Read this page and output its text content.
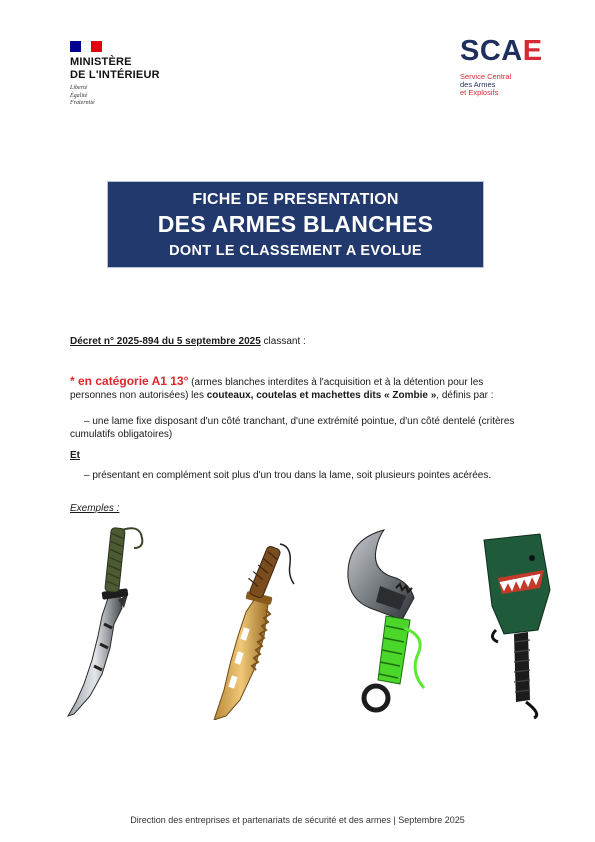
MINISTÈRE
DE L'INTÉRIEUR
Liberté
Égalité
Fraternité
SCAE
Service Central
des Armes
et Explosifs
FICHE DE PRESENTATION
DES ARMES BLANCHES
DONT LE CLASSEMENT A EVOLUE
Décret n° 2025-894 du 5 septembre 2025 classant :
* en catégorie A1 13° (armes blanches interdites à l'acquisition et à la détention pour les personnes non autorisées) les couteaux, coutelas et machettes dits « Zombie », définis par :
– une lame fixe disposant d'un côté tranchant, d'une extrémité pointue, d'un côté dentelé (critères cumulatifs obligatoires)
Et
– présentant en complément soit plus d'un trou dans la lame, soit plusieurs pointes acérées.
Exemples :
Direction des entreprises et partenariats de sécurité et des armes | Septembre 2025
